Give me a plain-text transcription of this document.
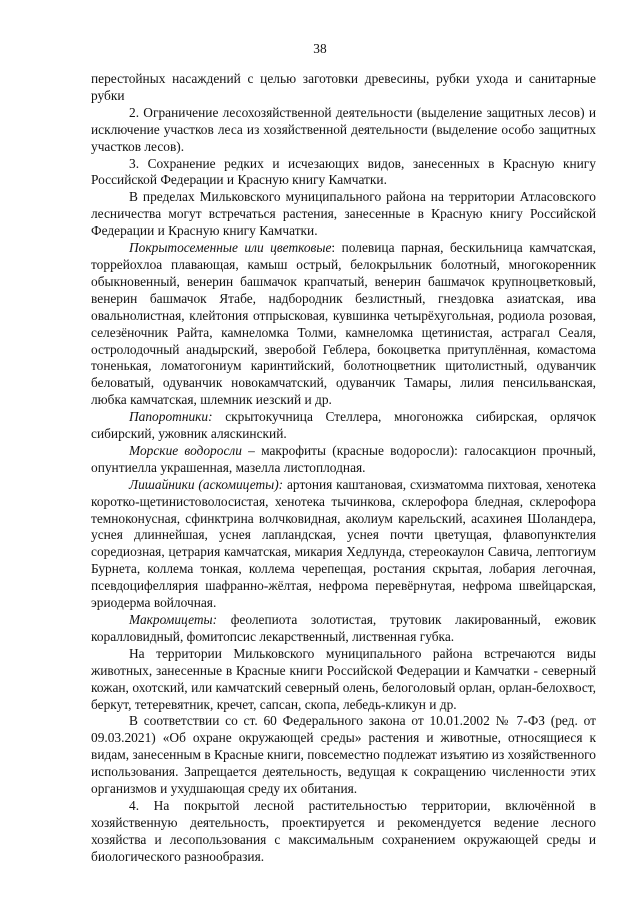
38

перестойных насаждений с целью заготовки древесины, рубки ухода и санитарные рубки

2. Ограничение лесохозяйственной деятельности (выделение защитных лесов) и исключение участков леса из хозяйственной деятельности (выделение особо защитных участков лесов).

3. Сохранение редких и исчезающих видов, занесенных в Красную книгу Российской Федерации и Красную книгу Камчатки.

В пределах Мильковского муниципального района на территории Атласовского лесничества могут встречаться растения, занесенные в Красную книгу Российской Федерации и Красную книгу Камчатки.

Покрытосеменные или цветковые: полевица парная, бескильница камчатская, торрейохлоа плавающая, камыш острый, белокрыльник болотный, многокоренник обыкновенный, венерин башмачок крапчатый, венерин башмачок крупноцветковый, венерин башмачок Ятабе, надбородник безлистный, гнездовка азиатская, ива овальнолистная, клейтония отпрысковая, кувшинка четырёхугольная, родиола розовая, селезёночник Райта, камнеломка Толми, камнеломка щетинистая, астрагал Сеаля, остролодочный анадырский, зверобой Геблера, бокоцветка притуплённая, комастома тоненькая, ломатогониум каринтийский, болотноцветник щитолистный, одуванчик беловатый, одуванчик новокамчатский, одуванчик Тамары, лилия пенсильванская, любка камчатская, шлемник иезский и др.

Папоротники: скрытокучница Стеллера, многоножка сибирская, орлячок сибирский, ужовник аляскинский.

Морские водоросли – макрофиты (красные водоросли): галосакцион прочный, опунтиелла украшенная, мазелла листоплодная.

Лишайники (аскомицеты): артония каштановая, схизматомма пихтовая, хенотека коротко-щетинистоволосистая, хенотека тычинкова, склерофора бледная, склерофора темноконусная, сфинктрина волчковидная, аколиум карельский, асахинея Шоландера, уснея длиннейшая, уснея лапландская, уснея почти цветущая, флавопунктелия соредиозная, цетрария камчатская, микария Хедлунда, стереокаулон Савича, лептогиум Бурнета, коллема тонкая, коллема черепещая, ростания скрытая, лобария легочная, псевдоцифеллярия шафранно-жёлтая, нефрома перевёрнутая, нефрома швейцарская, эриодерма войлочная.

Макромицеты: феолепиота золотистая, трутовик лакированный, ежовик коралловидный, фомитопсис лекарственный, лиственная губка.

На территории Мильковского муниципального района встречаются виды животных, занесенные в Красные книги Российской Федерации и Камчатки - северный кожан, охотский, или камчатский северный олень, белоголовый орлан, орлан-белохвост, беркут, тетеревятник, кречет, сапсан, скопа, лебедь-кликун и др.

В соответствии со ст. 60 Федерального закона от 10.01.2002 № 7-ФЗ (ред. от 09.03.2021) «Об охране окружающей среды» растения и животные, относящиеся к видам, занесенным в Красные книги, повсеместно подлежат изъятию из хозяйственного использования. Запрещается деятельность, ведущая к сокращению численности этих организмов и ухудшающая среду их обитания.

4. На покрытой лесной растительностью территории, включённой в хозяйственную деятельность, проектируется и рекомендуется ведение лесного хозяйства и лесопользования с максимальным сохранением окружающей среды и биологического разнообразия.
